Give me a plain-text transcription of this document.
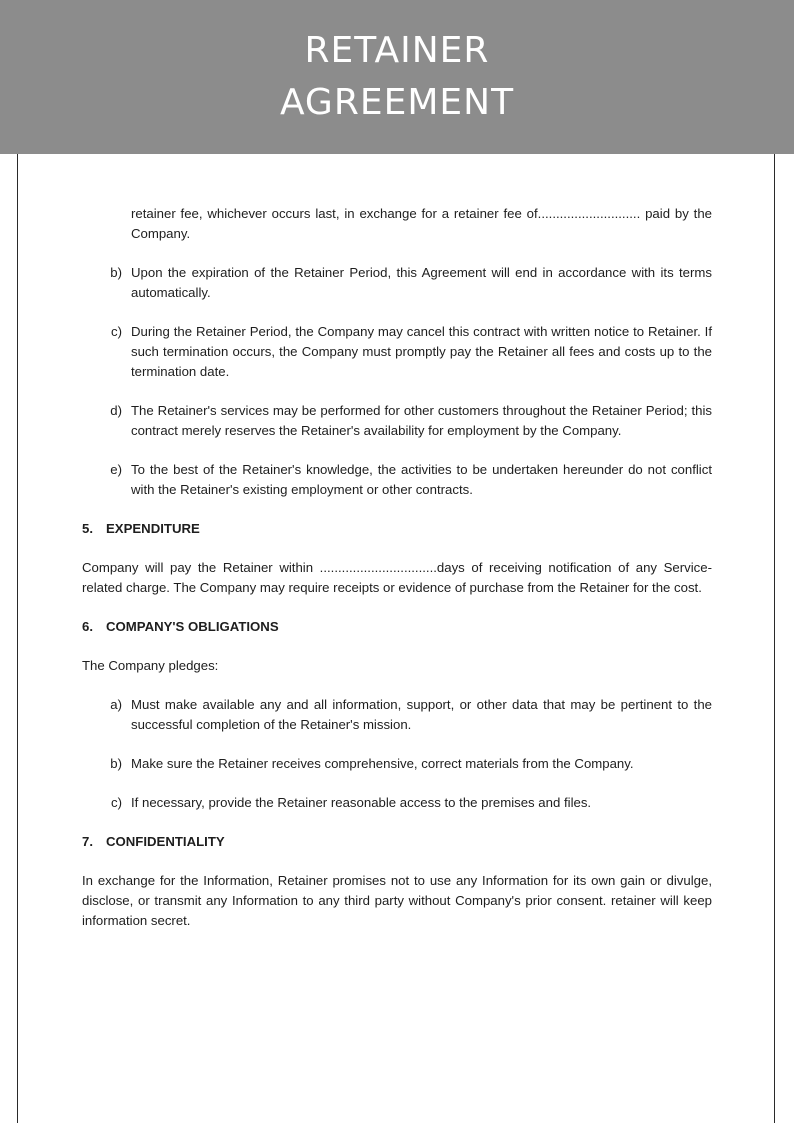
RETAINER
AGREEMENT
retainer fee, whichever occurs last, in exchange for a retainer fee of............................ paid by the Company.
b) Upon the expiration of the Retainer Period, this Agreement will end in accordance with its terms automatically.
c) During the Retainer Period, the Company may cancel this contract with written notice to Retainer. If such termination occurs, the Company must promptly pay the Retainer all fees and costs up to the termination date.
d) The Retainer's services may be performed for other customers throughout the Retainer Period; this contract merely reserves the Retainer's availability for employment by the Company.
e) To the best of the Retainer's knowledge, the activities to be undertaken hereunder do not conflict with the Retainer's existing employment or other contracts.
5. EXPENDITURE
Company will pay the Retainer within ................................days of receiving notification of any Service-related charge. The Company may require receipts or evidence of purchase from the Retainer for the cost.
6. COMPANY'S OBLIGATIONS
The Company pledges:
a) Must make available any and all information, support, or other data that may be pertinent to the successful completion of the Retainer's mission.
b) Make sure the Retainer receives comprehensive, correct materials from the Company.
c) If necessary, provide the Retainer reasonable access to the premises and files.
7. CONFIDENTIALITY
In exchange for the Information, Retainer promises not to use any Information for its own gain or divulge, disclose, or transmit any Information to any third party without Company's prior consent. retainer will keep information secret.
